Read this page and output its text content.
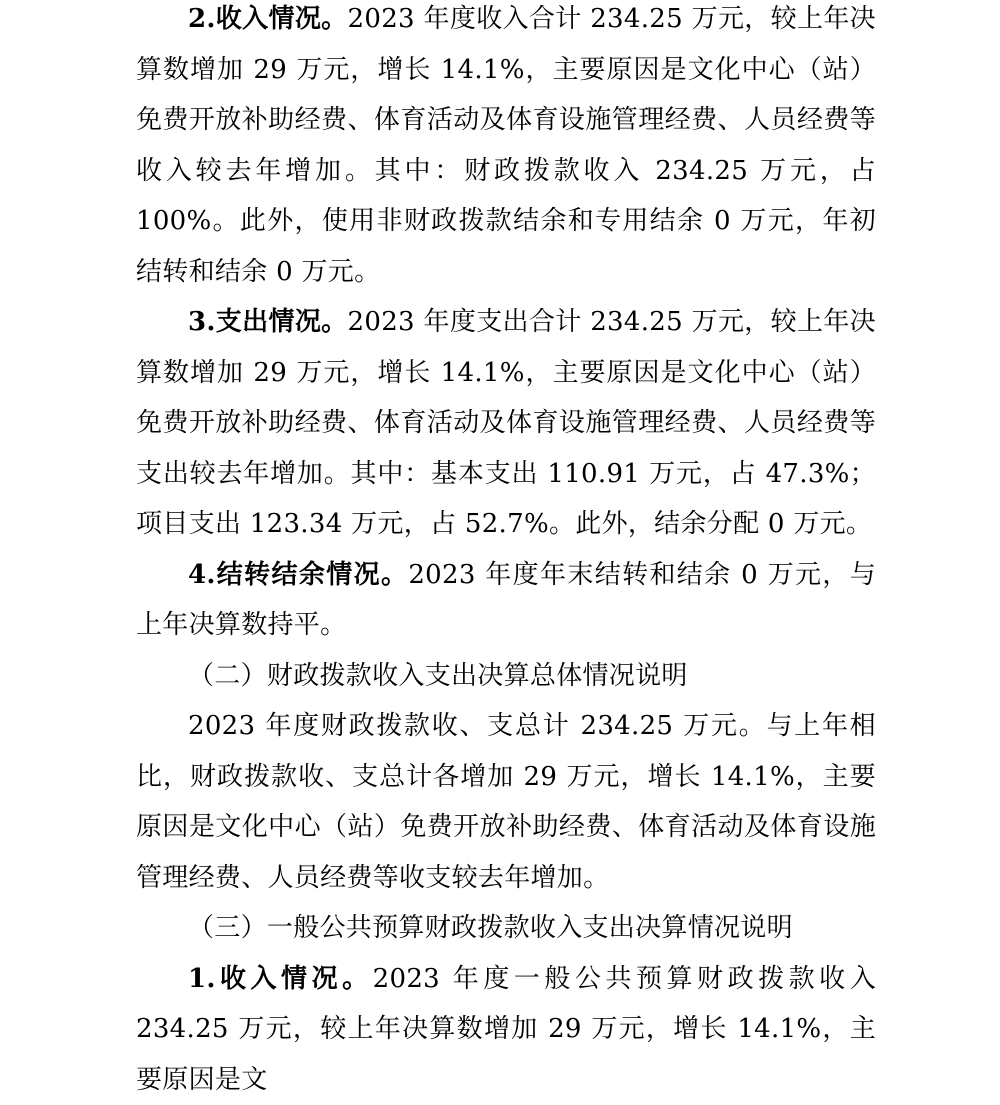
2.收入情况。2023 年度收入合计 234.25 万元，较上年决算数增加 29 万元，增长 14.1%，主要原因是文化中心（站）免费开放补助经费、体育活动及体育设施管理经费、人员经费等收入较去年增加。其中：财政拨款收入 234.25 万元，占 100%。此外，使用非财政拨款结余和专用结余 0 万元，年初结转和结余 0 万元。

3.支出情况。2023 年度支出合计 234.25 万元，较上年决算数增加 29 万元，增长 14.1%，主要原因是文化中心（站）免费开放补助经费、体育活动及体育设施管理经费、人员经费等支出较去年增加。其中：基本支出 110.91 万元，占 47.3%；项目支出 123.34 万元，占 52.7%。此外，结余分配 0 万元。

4.结转结余情况。2023 年度年末结转和结余 0 万元，与上年决算数持平。

（二）财政拨款收入支出决算总体情况说明

2023 年度财政拨款收、支总计 234.25 万元。与上年相比，财政拨款收、支总计各增加 29 万元，增长 14.1%，主要原因是文化中心（站）免费开放补助经费、体育活动及体育设施管理经费、人员经费等收支较去年增加。

（三）一般公共预算财政拨款收入支出决算情况说明

1.收入情况。2023 年度一般公共预算财政拨款收入 234.25 万元，较上年决算数增加 29 万元，增长 14.1%，主要原因是文
